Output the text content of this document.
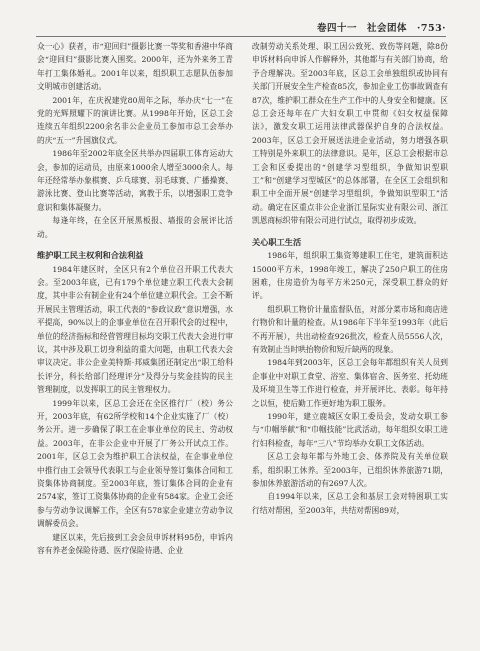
卷四十一　社会团体 ·753·

众一心》获者，市“迎回归”摄影比赛一等奖和香港中华商会“迎回归”摄影比赛入围奖。2000年，还为外来务工青年打工集体婚礼。2001年以来，组织职工志愿队伍参加文明城市创建活动。

2001年，在庆祝建党80周年之际，举办庆“七一”在党的光辉照耀下的演讲比赛。从1998年开始，区总工会连续五年组织2200余名非公企业员工参加市总工会举办的庆“五一”升国旗仪式。

1986年至2002年底全区共举办四届职工体育运动大会，参加的运动员，由原来1000余人增至3000余人。每年还经常举办象棋赛、乒乓球赛、羽毛球赛、广播操赛、游泳比赛、登山比赛等活动，寓教于乐，以增强职工竞争意识和集体凝聚力。

每逢年终，在全区开展黑板报、墙报的会展评比活动。

维护职工民主权利和合法利益

1984年建区时，全区只有2个单位召开职工代表大会。至2003年底，已有179个单位建立职工代表大会制度，其中非公有制企业有24个单位建立职代会。工会不断开展民主管理活动，职工代表的“参政议政”意识增强，水平提高，90%以上的企事业单位在召开职代会的过程中，单位的经济指标和经营管理目标均交职工代表大会进行审议，其中涉及职工切身利益的重大问题，由职工代表大会审议决定。非公企业美特斯·邦威集团还制定出“职工给科长评分，科长给部门经理评分”及得分与奖金挂钩的民主管理制度，以发挥职工的民主管理权力。

1999年以来，区总工会还在全区推行厂（校）务公开，2003年底，有62所学校和14个企业实施了厂（校）务公开。进一步确保了职工在企事业单位的民主、劳动权益。2003年，在非公企业中开展了厂务公开试点工作。2001年，区总工会为维护职工合法权益，在企事业单位中推行由工会领导代表职工与企业领导签订集体合同和工资集体协商制度。至2003年底，签订集体合同的企业有2574家，签订工资集体协商的企业有584家。企业工会还参与劳动争议调解工作，全区有578家企业建立劳动争议调解委员会。

建区以来，先后接到工会会员申诉材料95份，申诉内容有养老金保险待遇、医疗保险待遇、企业

改制劳动关系处理、职工因公致死、致伤等问题，除8份申诉材料向申诉人作解释外，其他都与有关部门协商，给予合理解决。至2003年底，区总工会单独组织或协同有关部门开展安全生产检查85次，参加企业工伤事故调查有87次，维护职工群众在生产工作中的人身安全和健康。区总工会还每年在广大妇女职工中贯彻《妇女权益保障法》，激发女职工运用法律武器保护自身的合法权益。2003年，区总工会开展送法进企业活动，努力增强各职工特别是外来职工的法律意识。是年，区总工会根据市总工会和区委提出的“创建学习型组织，争做知识型职工”和“创建学习型城区”的总体部署，在全区工会组织和职工中全面开展“创建学习型组织，争做知识型职工”活动。确定在区重点非公企业浙江星际实业有限公司、浙江凯恩商标织带有限公司进行试点，取得初步成效。

关心职工生活

1986年，组织职工集资筹建职工住宅，建筑面积达15000平方米，1998年竣工，解决了250户职工的住房困难，住房造价为每平方米250元，深受职工群众的好评。

组织职工物价计量监督队伍，对部分菜市场和商店进行物价和计量的检查。从1986年下半年至1993年（此后不再开展），共出动检查926批次，检查人员5556人次，有效制止当时哄抬物价和短斤缺两的现象。

1984年到2003年，区总工会每年都组织有关人员到企事业中对职工食堂、浴室、集体宿舍、医务室、托幼班及环境卫生等工作进行检查，并开展评比、表彰。每年持之以恒，使后勤工作更好地为职工服务。

1990年，建立鹿城区女职工委员会，发动女职工参与“巾帼举献”和“巾帼技能”比武活动，每年组织女职工进行妇科检查，每年“三八”节均举办女职工文体活动。

区总工会每年都与外地工会、体养院及有关单位联系，组织职工休养。至2003年，已组织休养旅游71期，参加休养旅游活动的有2697人次。

自1994年以来，区总工会和基层工会对特困职工实行结对帮困，至2003年，共结对帮困89对，
